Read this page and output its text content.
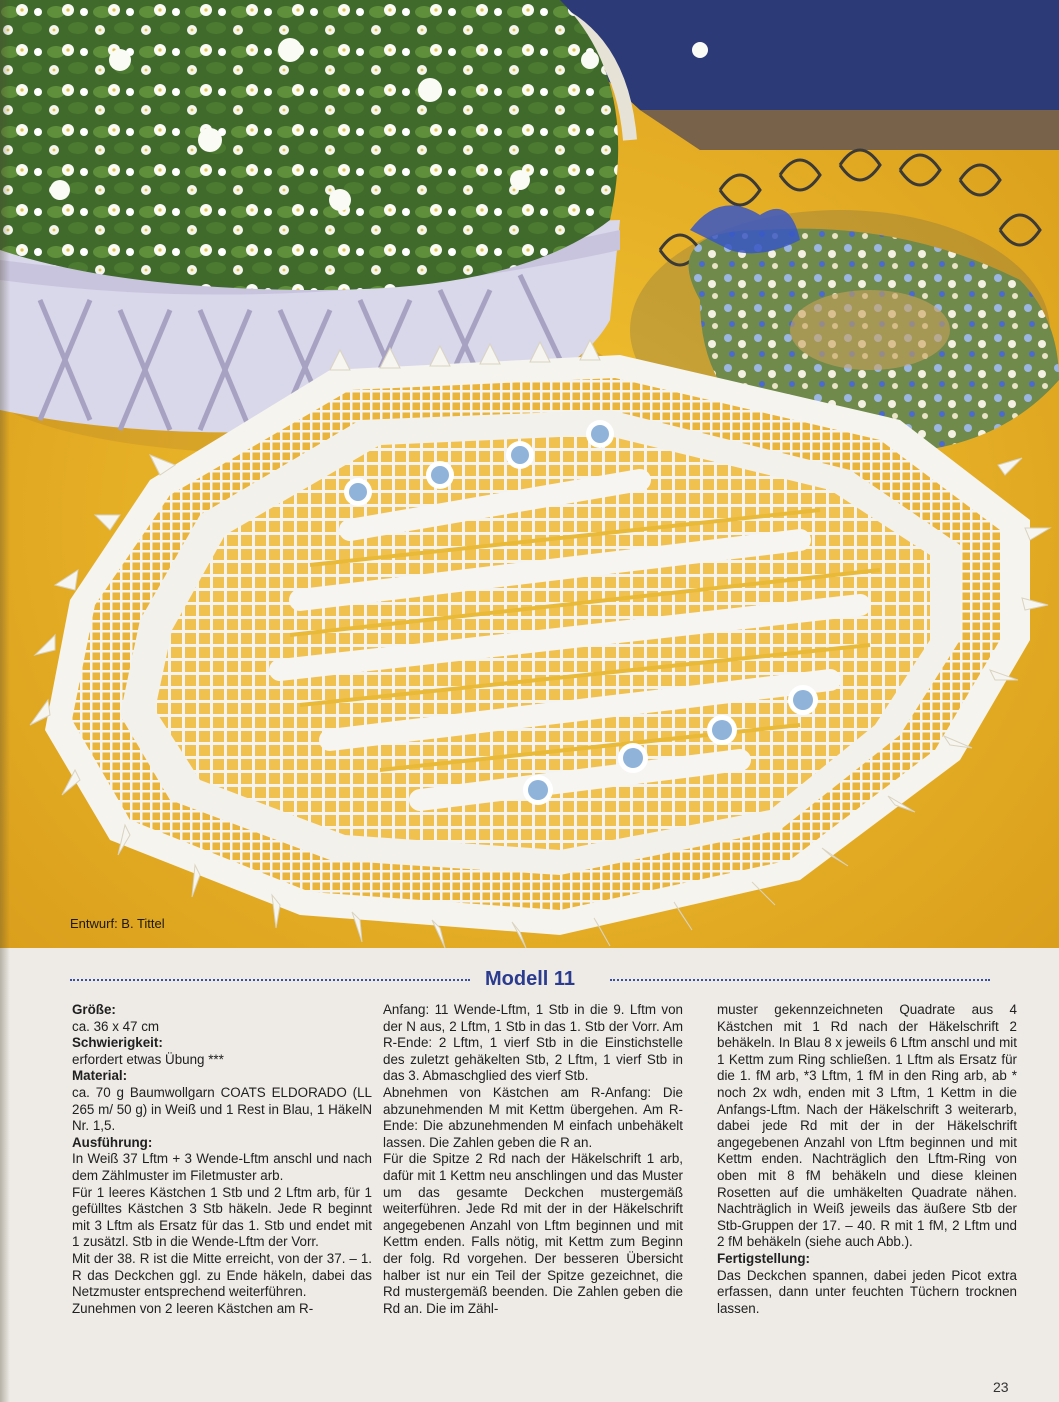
Entwurf: B. Tittel
Modell 11

Größe:

ca. 36 x 47 cm

Schwierigkeit:

erfordert etwas Übung ***

Material:

ca. 70 g Baumwollgarn COATS ELDORADO (LL 265 m/ 50 g) in Weiß und 1 Rest in Blau, 1 HäkelN Nr. 1,5.

Ausführung:

In Weiß 37 Lftm + 3 Wende-Lftm anschl und nach dem Zählmuster im Filetmuster arb.

Für 1 leeres Kästchen 1 Stb und 2 Lftm arb, für 1 gefülltes Kästchen 3 Stb häkeln. Jede R beginnt mit 3 Lftm als Ersatz für das 1. Stb und endet mit 1 zusätzl. Stb in die Wende-Lftm der Vorr.

Mit der 38. R ist die Mitte erreicht, von der 37. – 1. R das Deckchen ggl. zu Ende häkeln, dabei das Netzmuster entsprechend weiterführen.

Zunehmen von 2 leeren Kästchen am R-

Anfang: 11 Wende-Lftm, 1 Stb in die 9. Lftm von der N aus, 2 Lftm, 1 Stb in das 1. Stb der Vorr. Am R-Ende: 2 Lftm, 1 vierf Stb in die Einstichstelle des zuletzt gehäkelten Stb, 2 Lftm, 1 vierf Stb in das 3. Abmaschglied des vierf Stb.

Abnehmen von Kästchen am R-Anfang: Die abzunehmenden M mit Kettm übergehen. Am R-Ende: Die abzunehmenden M einfach unbehäkelt lassen. Die Zahlen geben die R an.

Für die Spitze 2 Rd nach der Häkelschrift 1 arb, dafür mit 1 Kettm neu anschlingen und das Muster um das gesamte Deckchen mustergemäß weiterführen. Jede Rd mit der in der Häkelschrift angegebenen Anzahl von Lftm beginnen und mit Kettm enden. Falls nötig, mit Kettm zum Beginn der folg. Rd vorgehen. Der besseren Übersicht halber ist nur ein Teil der Spitze gezeichnet, die Rd mustergemäß beenden. Die Zahlen geben die Rd an. Die im Zähl-

muster gekennzeichneten Quadrate aus 4 Kästchen mit 1 Rd nach der Häkelschrift 2 behäkeln. In Blau 8 x jeweils 6 Lftm anschl und mit 1 Kettm zum Ring schließen. 1 Lftm als Ersatz für die 1. fM arb, *3 Lftm, 1 fM in den Ring arb, ab * noch 2x wdh, enden mit 3 Lftm, 1 Kettm in die Anfangs-Lftm. Nach der Häkelschrift 3 weiterarb, dabei jede Rd mit der in der Häkelschrift angegebenen Anzahl von Lftm beginnen und mit Kettm enden. Nachträglich den Lftm-Ring von oben mit 8 fM behäkeln und diese kleinen Rosetten auf die umhäkelten Quadrate nähen. Nachträglich in Weiß jeweils das äußere Stb der Stb-Gruppen der 17. – 40. R mit 1 fM, 2 Lftm und 2 fM behäkeln (siehe auch Abb.).

Fertigstellung:

Das Deckchen spannen, dabei jeden Picot extra erfassen, dann unter feuchten Tüchern trocknen lassen.

23
